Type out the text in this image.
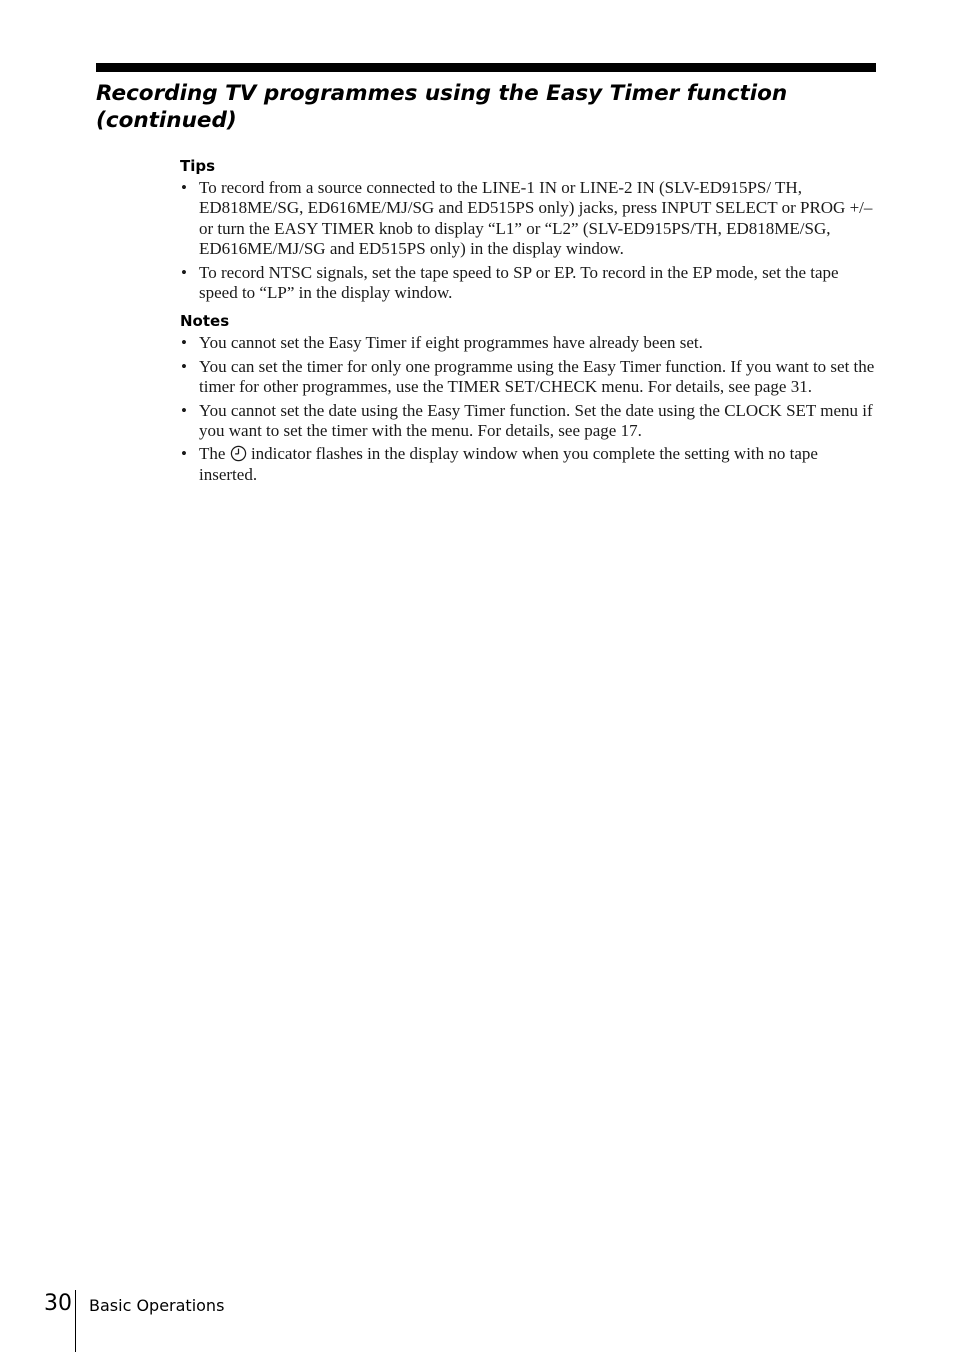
Recording TV programmes using the Easy Timer function (continued)
Tips
• To record from a source connected to the LINE-1 IN or LINE-2 IN (SLV-ED915PS/ TH, ED818ME/SG, ED616ME/MJ/SG and ED515PS only) jacks, press INPUT SELECT or PROG +/– or turn the EASY TIMER knob to display “L1” or “L2” (SLV-ED915PS/TH, ED818ME/SG, ED616ME/MJ/SG and ED515PS only) in the display window.
• To record NTSC signals, set the tape speed to SP or EP. To record in the EP mode, set the tape speed to “LP” in the display window.
Notes
• You cannot set the Easy Timer if eight programmes have already been set.
• You can set the timer for only one programme using the Easy Timer function. If you want to set the timer for other programmes, use the TIMER SET/CHECK menu. For details, see page 31.
• You cannot set the date using the Easy Timer function. Set the date using the CLOCK SET menu if you want to set the timer with the menu. For details, see page 17.
• The indicator flashes in the display window when you complete the setting with no tape inserted.
30 Basic Operations
